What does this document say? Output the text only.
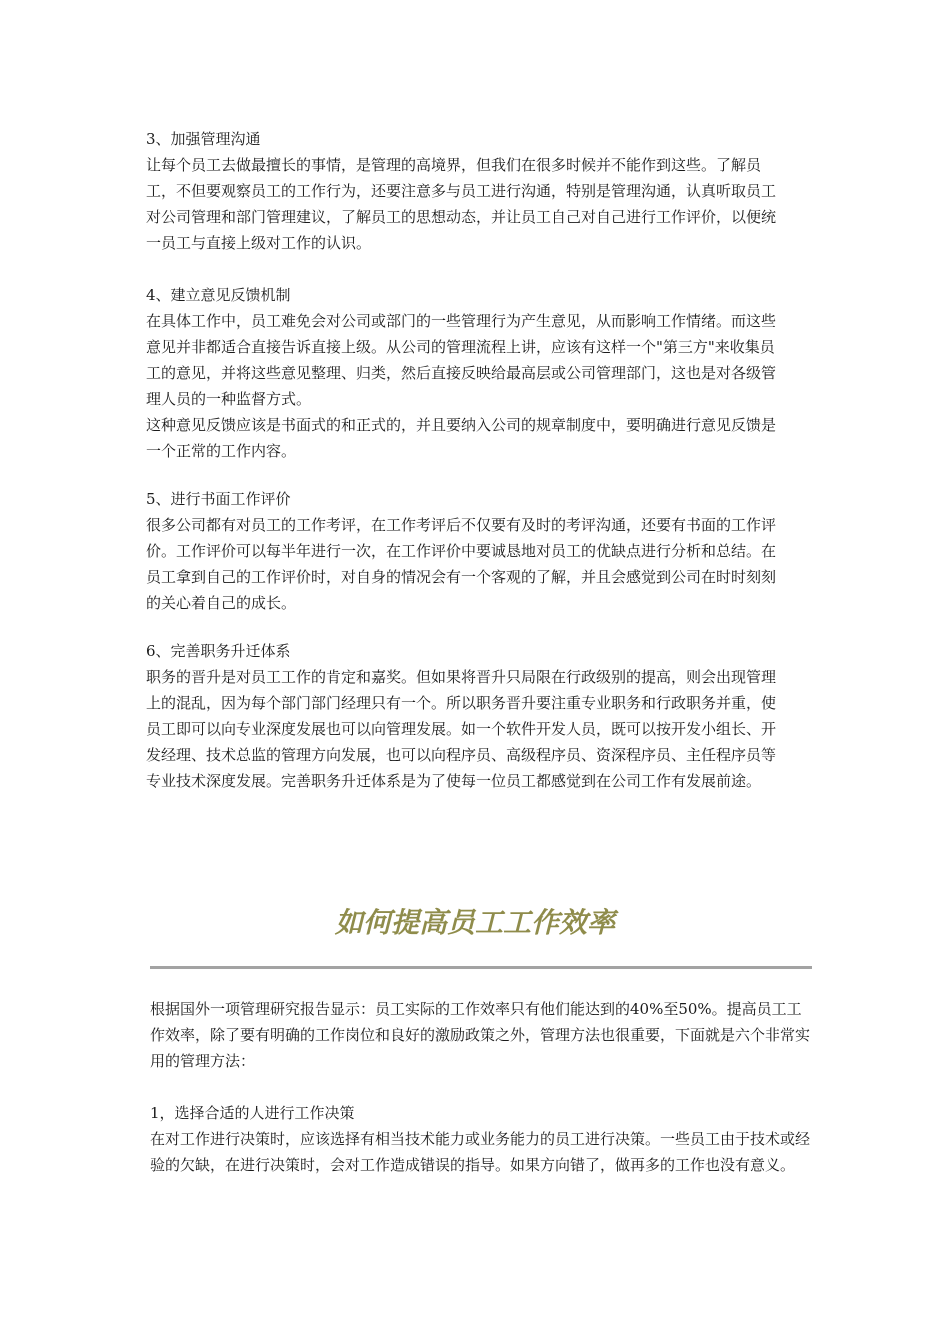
3、加强管理沟通

让每个员工去做最擅长的事情，是管理的高境界，但我们在很多时候并不能作到这些。了解员工，不但要观察员工的工作行为，还要注意多与员工进行沟通，特别是管理沟通，认真听取员工对公司管理和部门管理建议，了解员工的思想动态，并让员工自己对自己进行工作评价，以便统一员工与直接上级对工作的认识。

4、建立意见反馈机制

在具体工作中，员工难免会对公司或部门的一些管理行为产生意见，从而影响工作情绪。而这些意见并非都适合直接告诉直接上级。从公司的管理流程上讲，应该有这样一个"第三方"来收集员工的意见，并将这些意见整理、归类，然后直接反映给最高层或公司管理部门，这也是对各级管理人员的一种监督方式。

这种意见反馈应该是书面式的和正式的，并且要纳入公司的规章制度中，要明确进行意见反馈是一个正常的工作内容。

5、进行书面工作评价

很多公司都有对员工的工作考评，在工作考评后不仅要有及时的考评沟通，还要有书面的工作评价。工作评价可以每半年进行一次，在工作评价中要诚恳地对员工的优缺点进行分析和总结。在员工拿到自己的工作评价时，对自身的情况会有一个客观的了解，并且会感觉到公司在时时刻刻的关心着自己的成长。

6、完善职务升迁体系

职务的晋升是对员工工作的肯定和嘉奖。但如果将晋升只局限在行政级别的提高，则会出现管理上的混乱，因为每个部门部门经理只有一个。所以职务晋升要注重专业职务和行政职务并重，使员工即可以向专业深度发展也可以向管理发展。如一个软件开发人员，既可以按开发小组长、开发经理、技术总监的管理方向发展，也可以向程序员、高级程序员、资深程序员、主任程序员等专业技术深度发展。完善职务升迁体系是为了使每一位员工都感觉到在公司工作有发展前途。

如何提高员工工作效率

根据国外一项管理研究报告显示：员工实际的工作效率只有他们能达到的40%至50%。提高员工工作效率，除了要有明确的工作岗位和良好的激励政策之外，管理方法也很重要，下面就是六个非常实用的管理方法：

1，选择合适的人进行工作决策

在对工作进行决策时，应该选择有相当技术能力或业务能力的员工进行决策。一些员工由于技术或经验的欠缺，在进行决策时，会对工作造成错误的指导。如果方向错了，做再多的工作也没有意义。
